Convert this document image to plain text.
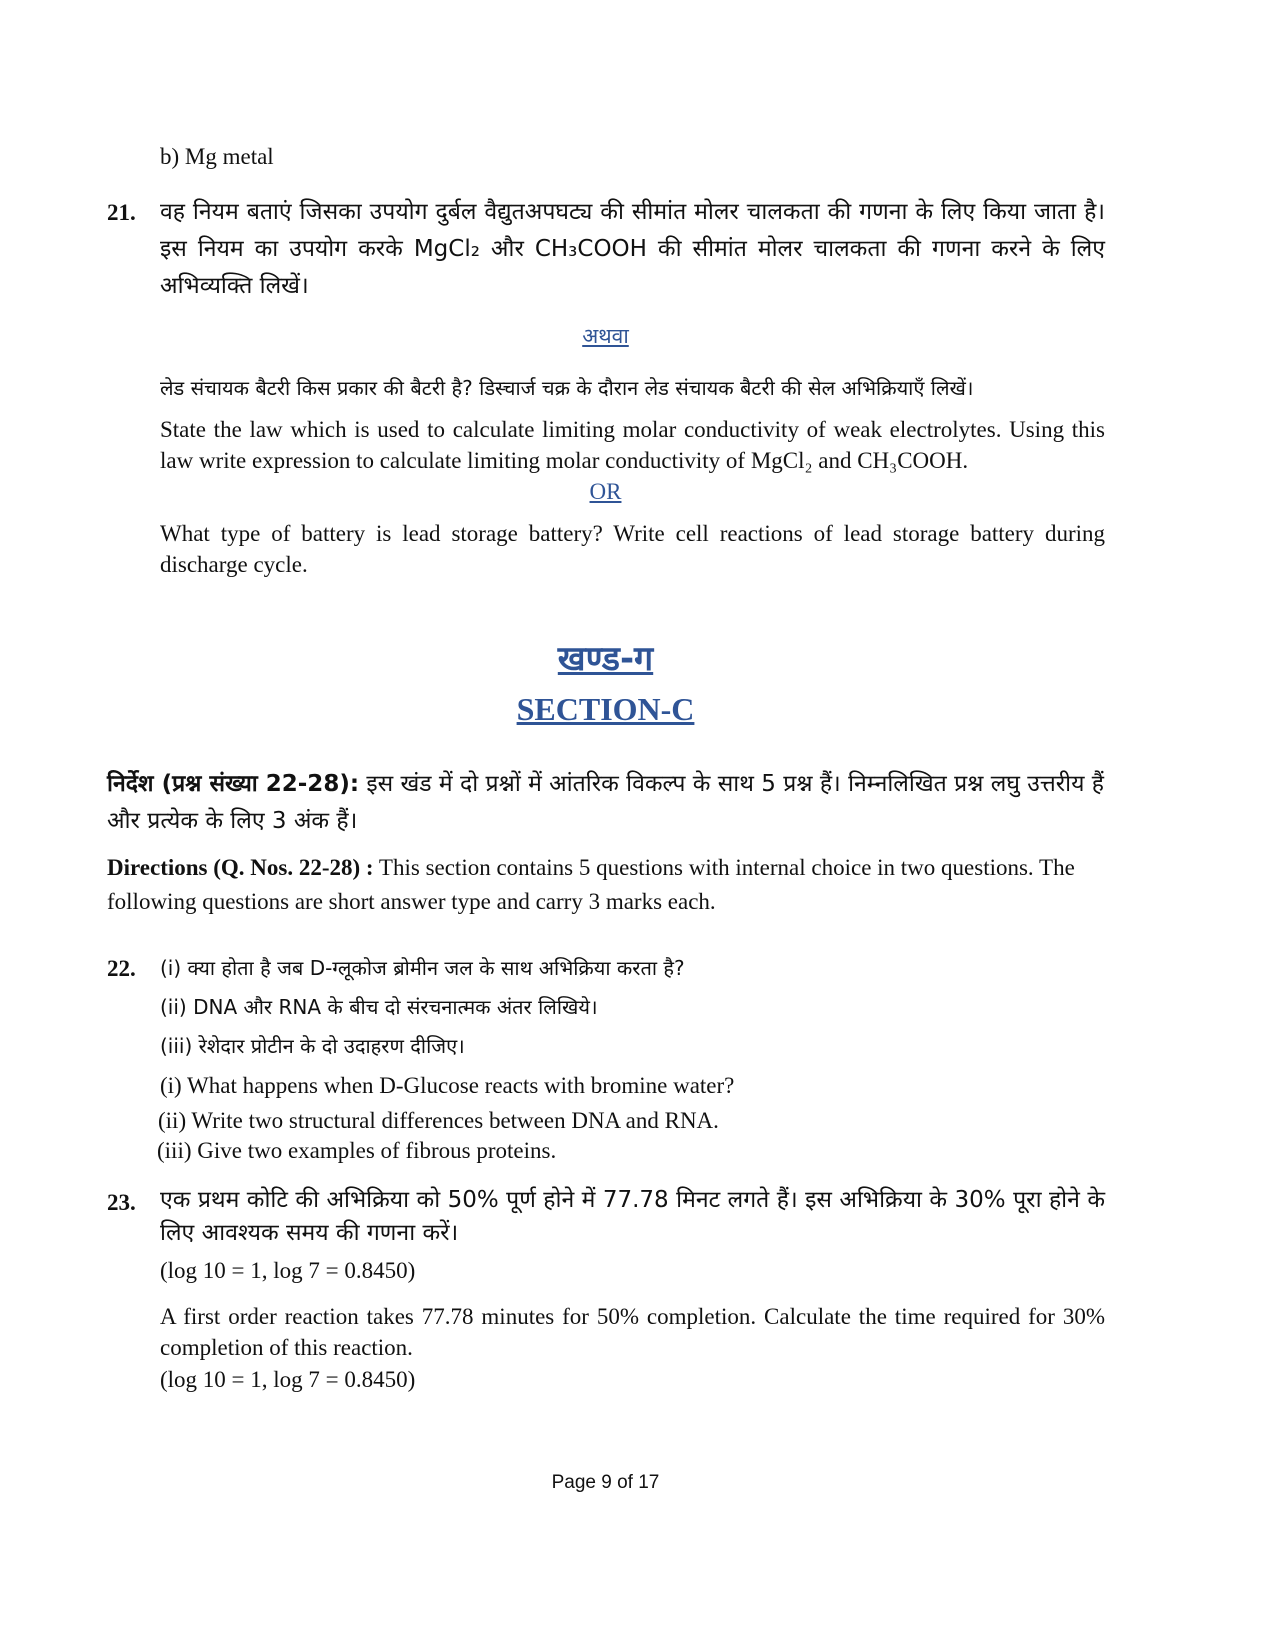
b) Mg metal
21. वह नियम बताएं जिसका उपयोग दुर्बल वैद्युतअपघट्य की सीमांत मोलर चालकता की गणना के लिए किया जाता है। इस नियम का उपयोग करके MgCl₂ और CH₃COOH की सीमांत मोलर चालकता की गणना करने के लिए अभिव्यक्ति लिखें।
अथवा
लेड संचायक बैटरी किस प्रकार की बैटरी है? डिस्चार्ज चक्र के दौरान लेड संचायक बैटरी की सेल अभिक्रियाएँ लिखें।
State the law which is used to calculate limiting molar conductivity of weak electrolytes. Using this law write expression to calculate limiting molar conductivity of MgCl₂ and CH₃COOH.
OR
What type of battery is lead storage battery? Write cell reactions of lead storage battery during discharge cycle.
खण्ड-ग
SECTION-C
निर्देश (प्रश्न संख्या 22-28): इस खंड में दो प्रश्नों में आंतरिक विकल्प के साथ 5 प्रश्न हैं। निम्नलिखित प्रश्न लघु उत्तरीय हैं और प्रत्येक के लिए 3 अंक हैं।
Directions (Q. Nos. 22-28) : This section contains 5 questions with internal choice in two questions. The following questions are short answer type and carry 3 marks each.
22. (i) क्या होता है जब D-ग्लूकोज ब्रोमीन जल के साथ अभिक्रिया करता है?
(ii) DNA और RNA के बीच दो संरचनात्मक अंतर लिखिये।
(iii) रेशेदार प्रोटीन के दो उदाहरण दीजिए।
(i) What happens when D-Glucose reacts with bromine water?
(ii) Write two structural differences between DNA and RNA.
(iii) Give two examples of fibrous proteins.
23. एक प्रथम कोटि की अभिक्रिया को 50% पूर्ण होने में 77.78 मिनट लगते हैं। इस अभिक्रिया के 30% पूरा होने के लिए आवश्यक समय की गणना करें।
(log 10 = 1, log 7 = 0.8450)
A first order reaction takes 77.78 minutes for 50% completion. Calculate the time required for 30% completion of this reaction.
(log 10 = 1, log 7 = 0.8450)
Page 9 of 17
